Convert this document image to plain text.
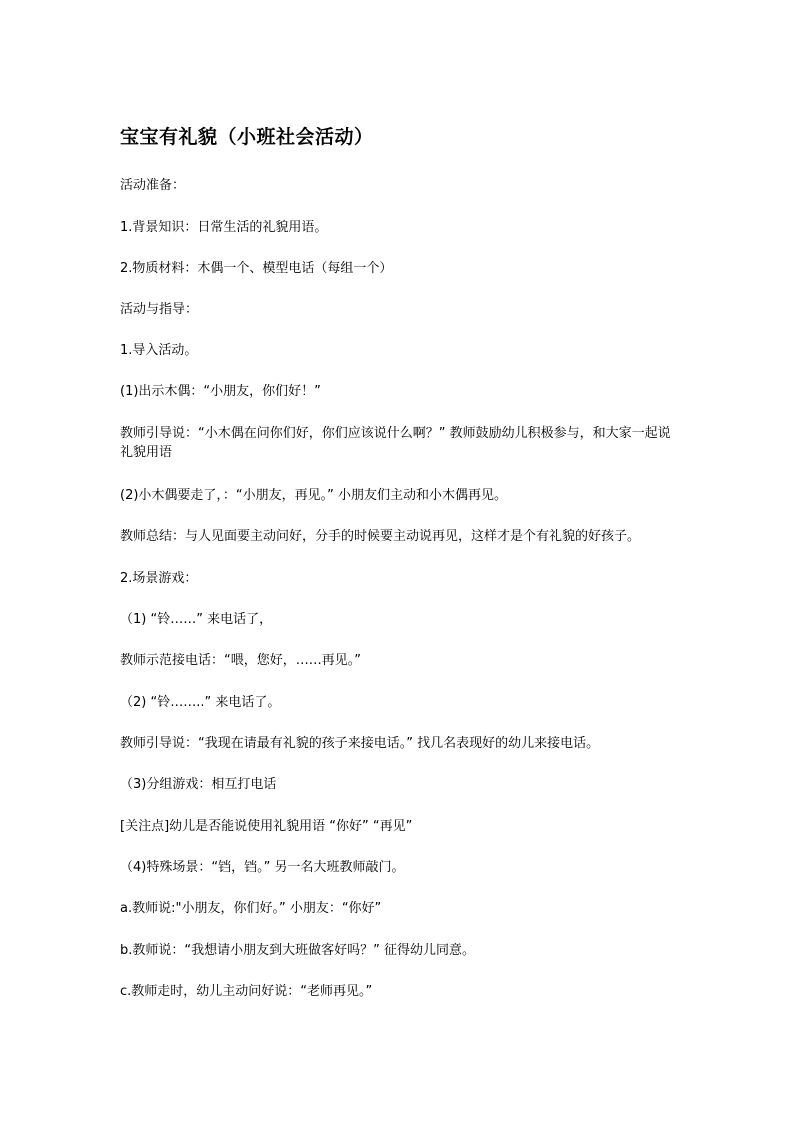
宝宝有礼貌（小班社会活动）

活动准备：

1.背景知识：日常生活的礼貌用语。

2.物质材料：木偶一个、模型电话（每组一个）

活动与指导：

1.导入活动。

(1)出示木偶：“小朋友，你们好！”

教师引导说：“小木偶在问你们好，你们应该说什么啊？” 教师鼓励幼儿积极参与，和大家一起说礼貌用语

(2)小木偶要走了，：“小朋友，再见。” 小朋友们主动和小木偶再见。

教师总结：与人见面要主动问好，分手的时候要主动说再见，这样才是个有礼貌的好孩子。

2.场景游戏：

（1) “铃……” 来电话了，

教师示范接电话：“喂，您好，……再见。”

（2) “铃……..” 来电话了。

教师引导说：“我现在请最有礼貌的孩子来接电话。” 找几名表现好的幼儿来接电话。

（3)分组游戏：相互打电话

[关注点]幼儿是否能说使用礼貌用语 “你好” “再见”

（4)特殊场景：“铛，铛。” 另一名大班教师敲门。

a.教师说:"小朋友，你们好。” 小朋友：“你好”

b.教师说：“我想请小朋友到大班做客好吗？” 征得幼儿同意。

c.教师走时，幼儿主动问好说：“老师再见。”
